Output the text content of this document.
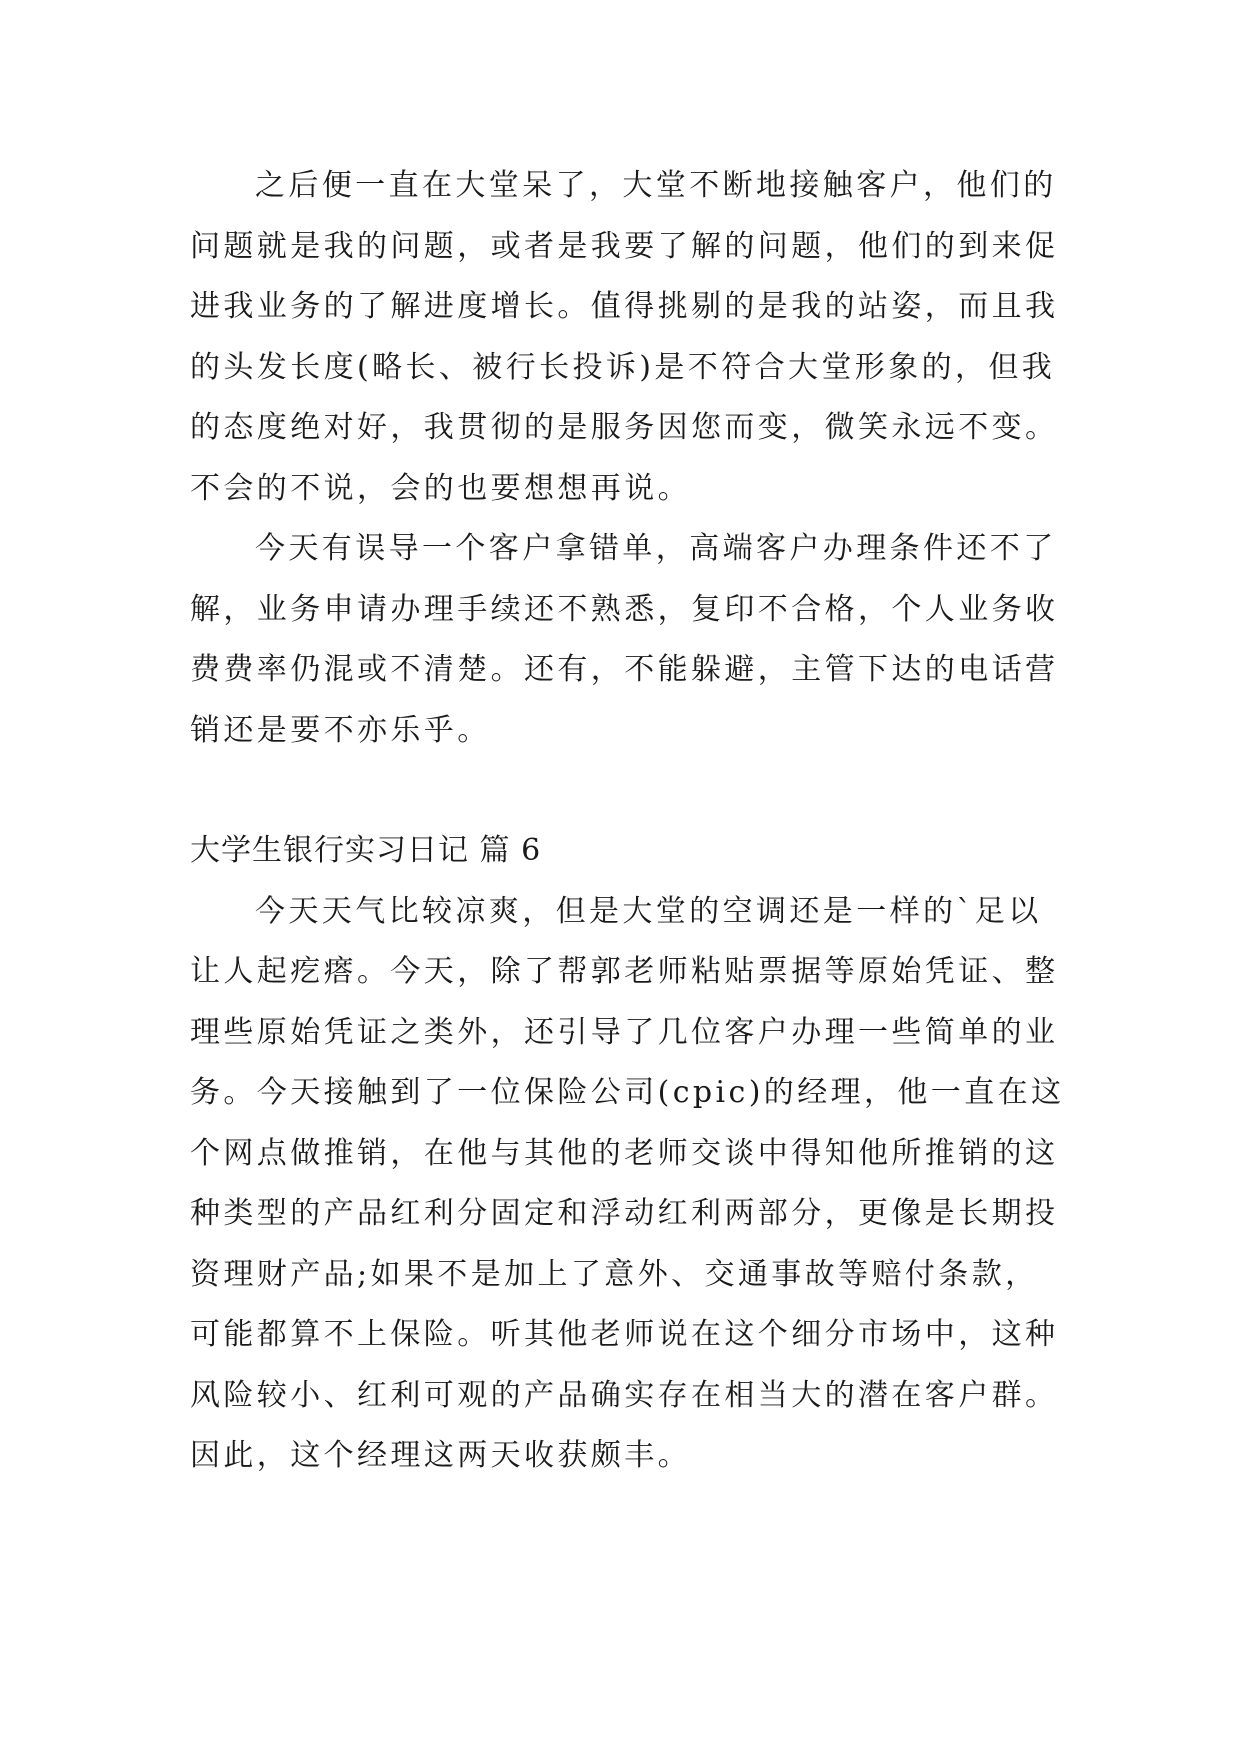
之后便一直在大堂呆了，大堂不断地接触客户，他们的
问题就是我的问题，或者是我要了解的问题，他们的到来促
进我业务的了解进度增长。值得挑剔的是我的站姿，而且我
的头发长度(略长、被行长投诉)是不符合大堂形象的，但我
的态度绝对好，我贯彻的是服务因您而变，微笑永远不变。
不会的不说，会的也要想想再说。
今天有误导一个客户拿错单，高端客户办理条件还不了
解，业务申请办理手续还不熟悉，复印不合格，个人业务收
费费率仍混或不清楚。还有，不能躲避，主管下达的电话营
销还是要不亦乐乎。
大学生银行实习日记 篇 6
今天天气比较凉爽，但是大堂的空调还是一样的`足以
让人起疙瘩。今天，除了帮郭老师粘贴票据等原始凭证、整
理些原始凭证之类外，还引导了几位客户办理一些简单的业
务。今天接触到了一位保险公司(cpic)的经理，他一直在这
个网点做推销，在他与其他的老师交谈中得知他所推销的这
种类型的产品红利分固定和浮动红利两部分，更像是长期投
资理财产品;如果不是加上了意外、交通事故等赔付条款，
可能都算不上保险。听其他老师说在这个细分市场中，这种
风险较小、红利可观的产品确实存在相当大的潜在客户群。
因此，这个经理这两天收获颇丰。
